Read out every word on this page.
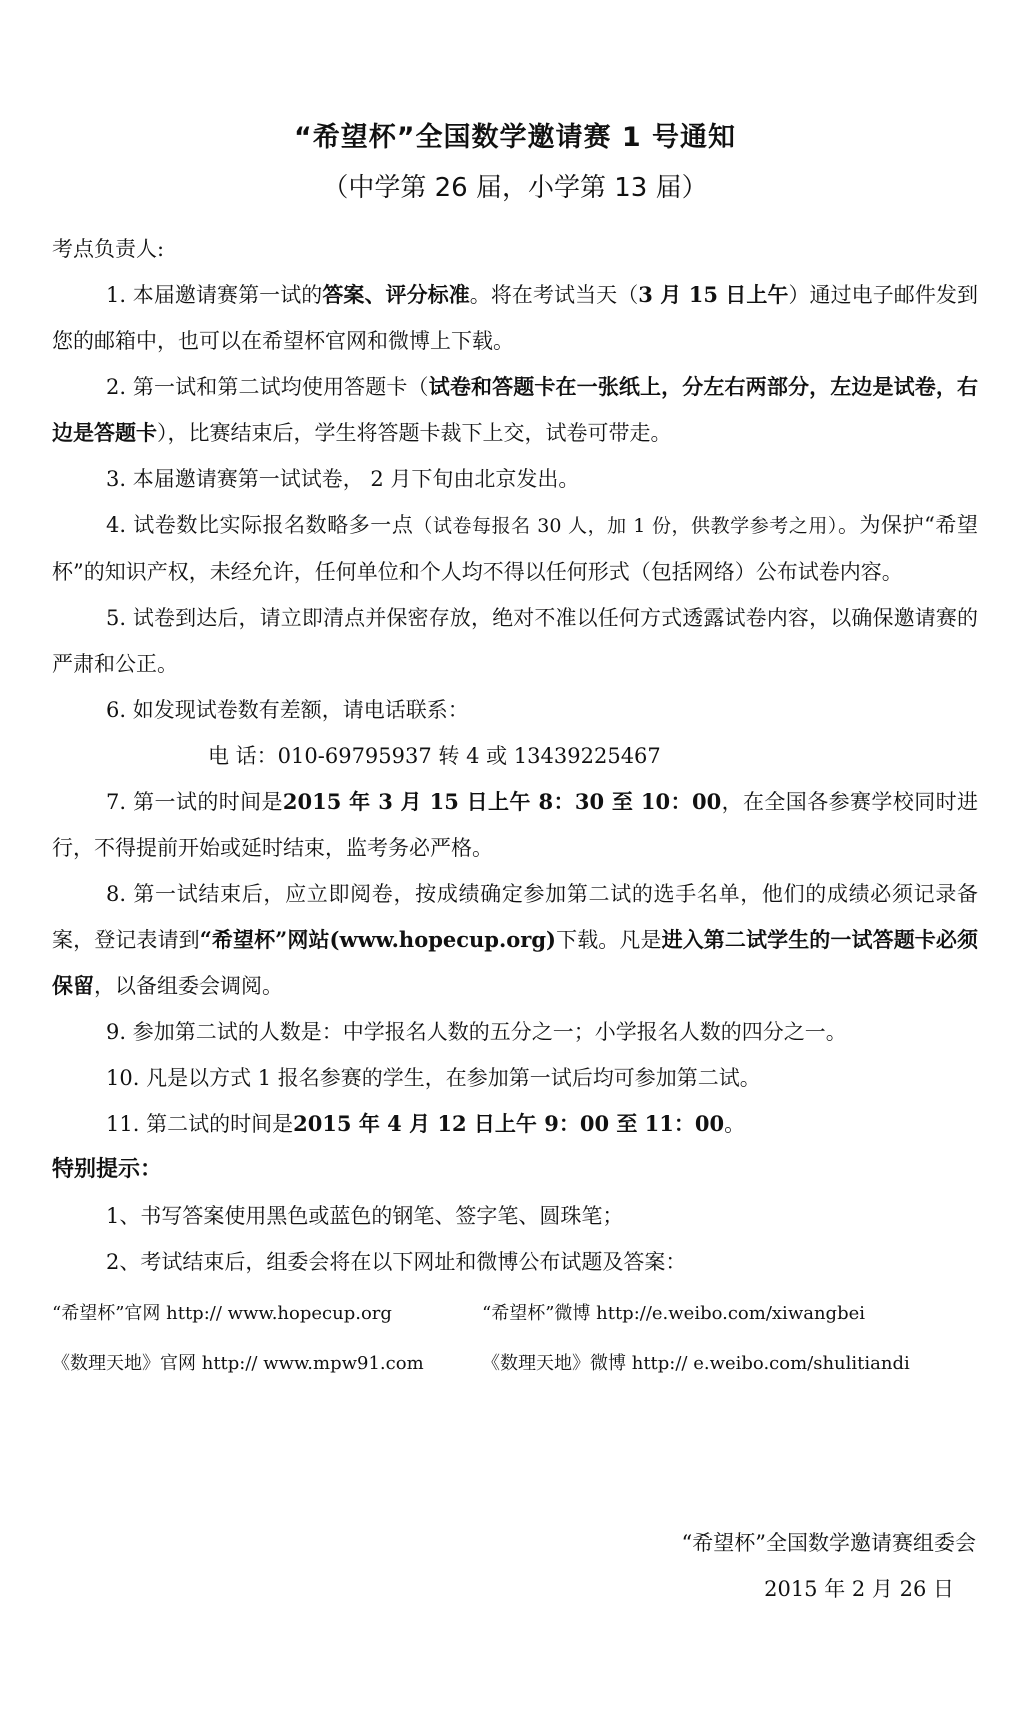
“希望杯”全国数学邀请赛 1 号通知
（中学第 26 届，小学第 13 届）

考点负责人:

1. 本届邀请赛第一试的答案、评分标准。将在考试当天（3 月 15 日上午）通过电子邮件发到您的邮箱中，也可以在希望杯官网和微博上下载。

2. 第一试和第二试均使用答题卡（试卷和答题卡在一张纸上，分左右两部分，左边是试卷，右边是答题卡），比赛结束后，学生将答题卡裁下上交，试卷可带走。

3. 本届邀请赛第一试试卷， 2 月下旬由北京发出。

4. 试卷数比实际报名数略多一点（试卷每报名 30 人，加 1 份，供教学参考之用）。为保护“希望杯”的知识产权，未经允许，任何单位和个人均不得以任何形式（包括网络）公布试卷内容。

5. 试卷到达后，请立即清点并保密存放，绝对不准以任何方式透露试卷内容，以确保邀请赛的严肃和公正。

6. 如发现试卷数有差额，请电话联系：

电 话：010-69795937 转 4 或 13439225467

7. 第一试的时间是2015 年 3 月 15 日上午 8：30 至 10：00，在全国各参赛学校同时进行，不得提前开始或延时结束，监考务必严格。

8. 第一试结束后，应立即阅卷，按成绩确定参加第二试的选手名单，他们的成绩必须记录备案，登记表请到“希望杯”网站(www.hopecup.org)下载。凡是进入第二试学生的一试答题卡必须保留，以备组委会调阅。

9. 参加第二试的人数是：中学报名人数的五分之一；小学报名人数的四分之一。

10. 凡是以方式 1 报名参赛的学生，在参加第一试后均可参加第二试。

11. 第二试的时间是2015 年 4 月 12 日上午 9：00 至 11：00。

特别提示：

1、书写答案使用黑色或蓝色的钢笔、签字笔、圆珠笔；

2、考试结束后，组委会将在以下网址和微博公布试题及答案：

“希望杯”官网 http:// www.hopecup.org	“希望杯”微博 http://e.weibo.com/xiwangbei
《数理天地》官网 http:// www.mpw91.com	《数理天地》微博 http:// e.weibo.com/shulitiandi
“希望杯”全国数学邀请赛组委会
2015 年 2 月 26 日
